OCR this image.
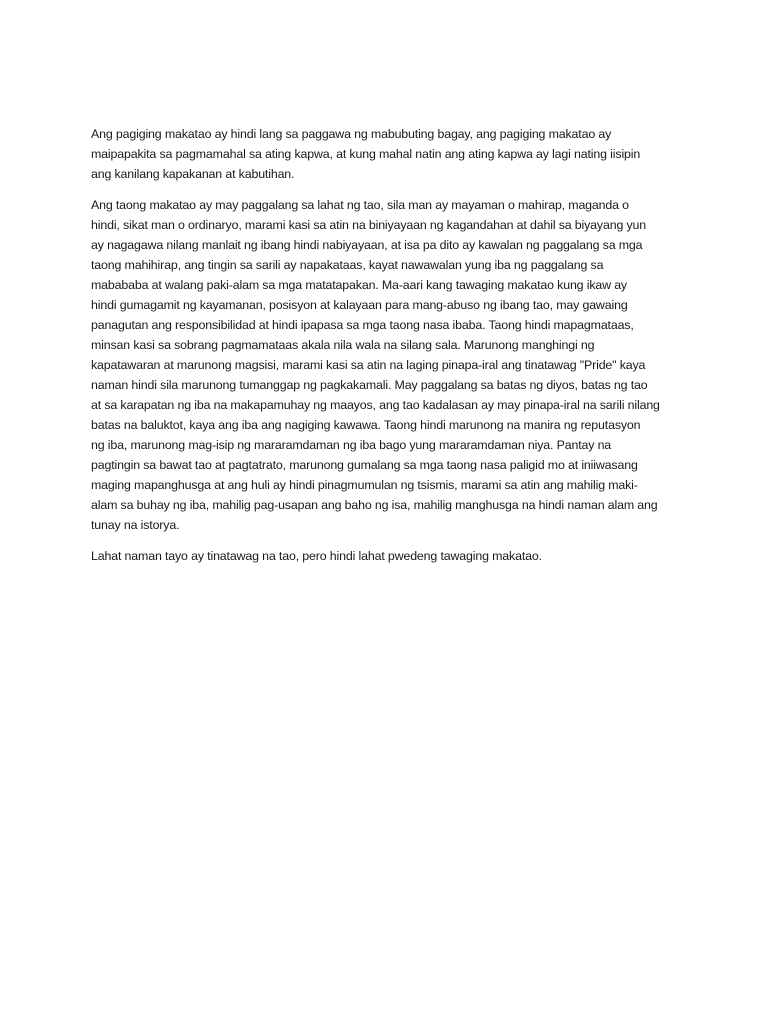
Ang pagiging makatao ay hindi lang sa paggawa ng mabubuting bagay, ang pagiging makatao ay
maipapakita sa pagmamahal sa ating kapwa, at kung mahal natin ang ating kapwa ay lagi nating iisipin
ang kanilang kapakanan at kabutihan.

Ang taong makatao ay may paggalang sa lahat ng tao, sila man ay mayaman o mahirap, maganda o
hindi, sikat man o ordinaryo, marami kasi sa atin na biniyayaan ng kagandahan at dahil sa biyayang yun
ay nagagawa nilang manlait ng ibang hindi nabiyayaan, at isa pa dito ay kawalan ng paggalang sa mga
taong mahihirap, ang tingin sa sarili ay napakataas, kayat nawawalan yung iba ng paggalang sa
mabababa at walang paki-alam sa mga matatapakan. Ma-aari kang tawaging makatao kung ikaw ay
hindi gumagamit ng kayamanan, posisyon at kalayaan para mang-abuso ng ibang tao, may gawaing
panagutan ang responsibilidad at hindi ipapasa sa mga taong nasa ibaba. Taong hindi mapagmataas,
minsan kasi sa sobrang pagmamataas akala nila wala na silang sala. Marunong manghingi ng
kapatawaran at marunong magsisi, marami kasi sa atin na laging pinapa-iral ang tinatawag "Pride" kaya
naman hindi sila marunong tumanggap ng pagkakamali. May paggalang sa batas ng diyos, batas ng tao
at sa karapatan ng iba na makapamuhay ng maayos, ang tao kadalasan ay may pinapa-iral na sarili nilang
batas na baluktot, kaya ang iba ang nagiging kawawa. Taong hindi marunong na manira ng reputasyon
ng iba, marunong mag-isip ng mararamdaman ng iba bago yung mararamdaman niya. Pantay na
pagtingin sa bawat tao at pagtatrato, marunong gumalang sa mga taong nasa paligid mo at iniiwasang
maging mapanghusga at ang huli ay hindi pinagmumulan ng tsismis, marami sa atin ang mahilig maki-
alam sa buhay ng iba, mahilig pag-usapan ang baho ng isa, mahilig manghusga na hindi naman alam ang
tunay na istorya.

Lahat naman tayo ay tinatawag na tao, pero hindi lahat pwedeng tawaging makatao.
